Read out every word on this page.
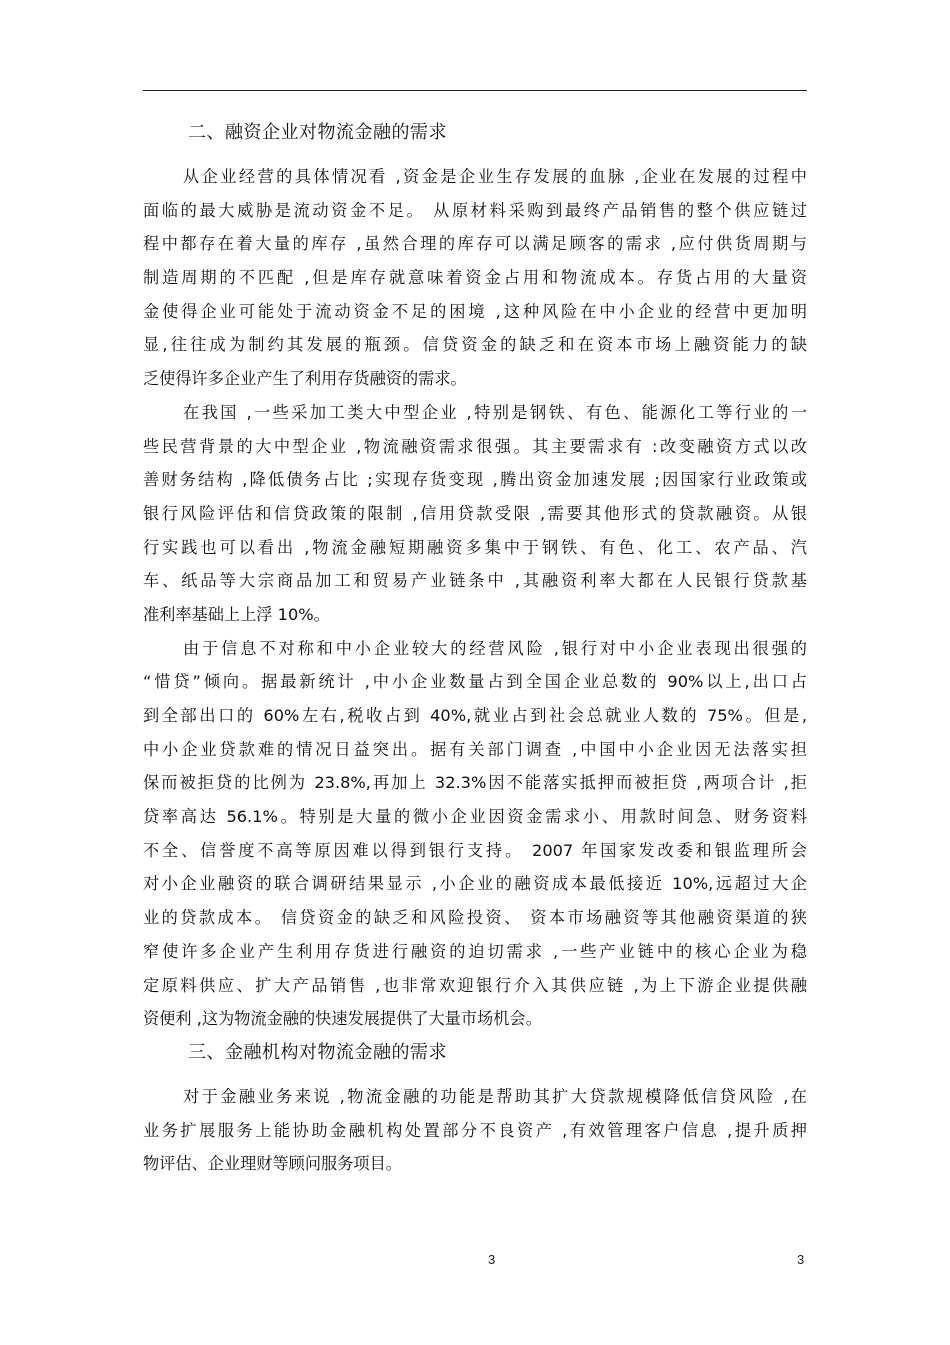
二、融资企业对物流金融的需求
从企业经营的具体情况看 ,资金是企业生存发展的血脉 ,企业在发展的过程中
面临的最大威胁是流动资金不足。 从原材料采购到最终产品销售的整个供应链过
程中都存在着大量的库存 ,虽然合理的库存可以满足顾客的需求 ,应付供货周期与
制造周期的不匹配 ,但是库存就意味着资金占用和物流成本。存货占用的大量资
金使得企业可能处于流动资金不足的困境 ,这种风险在中小企业的经营中更加明
显,往往成为制约其发展的瓶颈。信贷资金的缺乏和在资本市场上融资能力的缺
乏使得许多企业产生了利用存货融资的需求。
在我国 ,一些采加工类大中型企业 ,特别是钢铁、有色、能源化工等行业的一
些民营背景的大中型企业 ,物流融资需求很强。其主要需求有 :改变融资方式以改
善财务结构 ,降低债务占比 ;实现存货变现 ,腾出资金加速发展 ;因国家行业政策或
银行风险评估和信贷政策的限制 ,信用贷款受限 ,需要其他形式的贷款融资。从银
行实践也可以看出 ,物流金融短期融资多集中于钢铁、有色、化工、农产品、汽
车、纸品等大宗商品加工和贸易产业链条中 ,其融资利率大都在人民银行贷款基
准利率基础上上浮 10%。
由于信息不对称和中小企业较大的经营风险 ,银行对中小企业表现出很强的
“惜贷”倾向。据最新统计 ,中小企业数量占到全国企业总数的 90%以上,出口占
到全部出口的 60%左右,税收占到 40%,就业占到社会总就业人数的 75%。但是,
中小企业贷款难的情况日益突出。据有关部门调查 ,中国中小企业因无法落实担
保而被拒贷的比例为 23.8%,再加上 32.3%因不能落实抵押而被拒贷 ,两项合计 ,拒
贷率高达 56.1%。特别是大量的微小企业因资金需求小、用款时间急、财务资料
不全、信誉度不高等原因难以得到银行支持。 2007 年国家发改委和银监理所会
对小企业融资的联合调研结果显示 ,小企业的融资成本最低接近 10%,远超过大企
业的贷款成本。 信贷资金的缺乏和风险投资、 资本市场融资等其他融资渠道的狭
窄使许多企业产生利用存货进行融资的迫切需求 ,一些产业链中的核心企业为稳
定原料供应、扩大产品销售 ,也非常欢迎银行介入其供应链 ,为上下游企业提供融
资便利 ,这为物流金融的快速发展提供了大量市场机会。
三、金融机构对物流金融的需求
对于金融业务来说 ,物流金融的功能是帮助其扩大贷款规模降低信贷风险 ,在
业务扩展服务上能协助金融机构处置部分不良资产 ,有效管理客户信息 ,提升质押
物评估、企业理财等顾问服务项目。
3	3
